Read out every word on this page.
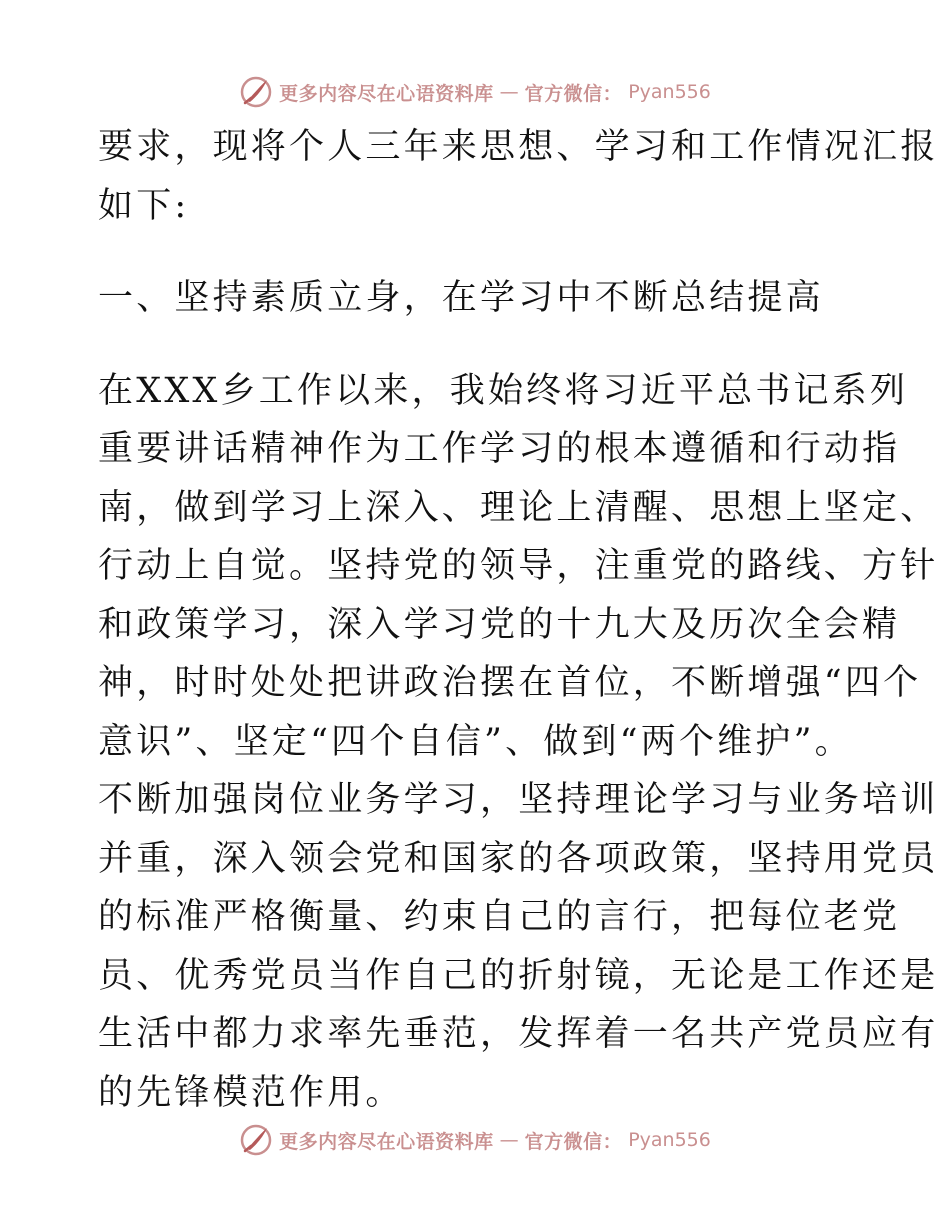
更多内容尽在心语资料库 — 官方微信： Pyan556
要求，现将个人三年来思想、学习和工作情况汇报
如下:
一、坚持素质立身，在学习中不断总结提高
在XXX乡工作以来，我始终将习近平总书记系列
重要讲话精神作为工作学习的根本遵循和行动指
南，做到学习上深入、理论上清醒、思想上坚定、
行动上自觉。坚持党的领导，注重党的路线、方针
和政策学习，深入学习党的十九大及历次全会精
神，时时处处把讲政治摆在首位，不断增强“四个
意识”、坚定“四个自信”、做到“两个维护”。
不断加强岗位业务学习，坚持理论学习与业务培训
并重，深入领会党和国家的各项政策，坚持用党员
的标准严格衡量、约束自己的言行，把每位老党
员、优秀党员当作自己的折射镜，无论是工作还是
生活中都力求率先垂范，发挥着一名共产党员应有
的先锋模范作用。
更多内容尽在心语资料库 — 官方微信： Pyan556
